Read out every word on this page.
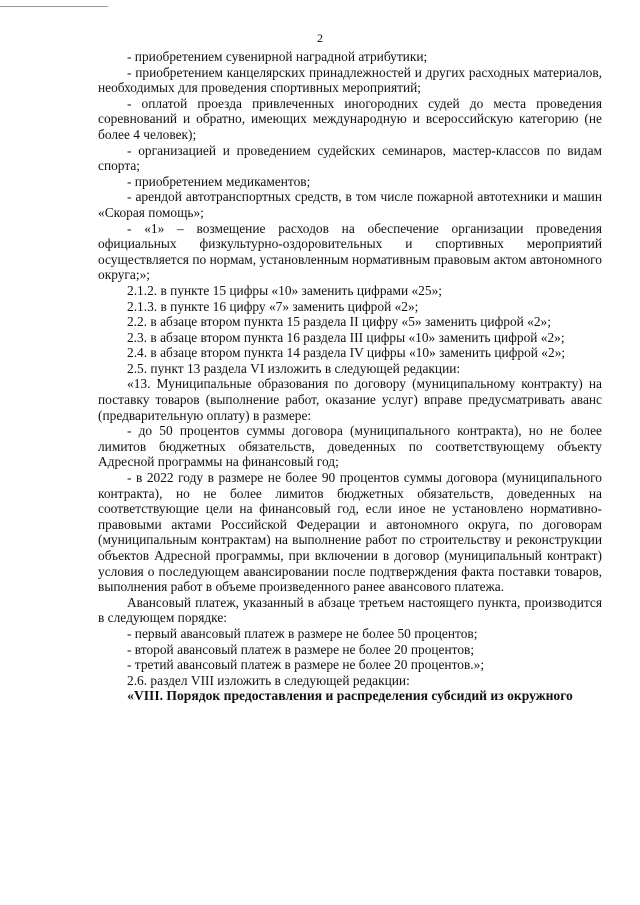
2

- приобретением сувенирной наградной атрибутики;

- приобретением канцелярских принадлежностей и других расходных материалов, необходимых для проведения спортивных мероприятий;

- оплатой проезда привлеченных иногородних судей до места проведения соревнований и обратно, имеющих международную и всероссийскую категорию (не более 4 человек);

- организацией и проведением судейских семинаров, мастер-классов по видам спорта;

- приобретением медикаментов;

- арендой автотранспортных средств, в том числе пожарной автотехники и машин «Скорая помощь»;

- «1» – возмещение расходов на обеспечение организации проведения официальных физкультурно-оздоровительных и спортивных мероприятий осуществляется по нормам, установленным нормативным правовым актом автономного округа;»;

2.1.2. в пункте 15 цифры «10» заменить цифрами «25»;

2.1.3. в пункте 16 цифру «7» заменить цифрой «2»;

2.2. в абзаце втором пункта 15 раздела II цифру «5» заменить цифрой «2»;

2.3. в абзаце втором пункта 16 раздела III цифры «10» заменить цифрой «2»;

2.4. в абзаце втором пункта 14 раздела IV цифры «10» заменить цифрой «2»;

2.5. пункт 13 раздела VI изложить в следующей редакции:

«13. Муниципальные образования по договору (муниципальному контракту) на поставку товаров (выполнение работ, оказание услуг) вправе предусматривать аванс (предварительную оплату) в размере:

- до 50 процентов суммы договора (муниципального контракта), но не более лимитов бюджетных обязательств, доведенных по соответствующему объекту Адресной программы на финансовый год;

- в 2022 году в размере не более 90 процентов суммы договора (муниципального контракта), но не более лимитов бюджетных обязательств, доведенных на соответствующие цели на финансовый год, если иное не установлено нормативно-правовыми актами Российской Федерации и автономного округа, по договорам (муниципальным контрактам) на выполнение работ по строительству и реконструкции объектов Адресной программы, при включении в договор (муниципальный контракт) условия о последующем авансировании после подтверждения факта поставки товаров, выполнения работ в объеме произведенного ранее авансового платежа.

Авансовый платеж, указанный в абзаце третьем настоящего пункта, производится в следующем порядке:

- первый авансовый платеж в размере не более 50 процентов;

- второй авансовый платеж в размере не более 20 процентов;

- третий авансовый платеж в размере не более 20 процентов.»;

2.6. раздел VIII изложить в следующей редакции:

«VIII. Порядок предоставления и распределения субсидий из окружного
